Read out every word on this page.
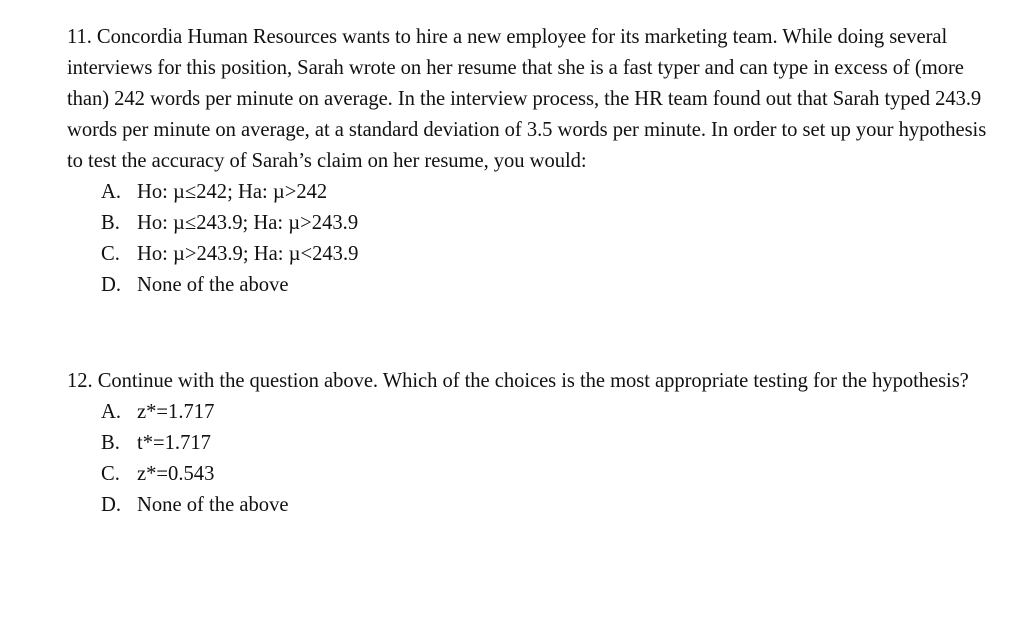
11. Concordia Human Resources wants to hire a new employee for its marketing team. While doing several interviews for this position, Sarah wrote on her resume that she is a fast typer and can type in excess of (more than) 242 words per minute on average. In the interview process, the HR team found out that Sarah typed 243.9 words per minute on average, at a standard deviation of 3.5 words per minute. In order to set up your hypothesis to test the accuracy of Sarah’s claim on her resume, you would:

A. Ho: µ≤242; Ha: µ>242
B. Ho: µ≤243.9; Ha: µ>243.9
C. Ho: µ>243.9; Ha: µ<243.9
D. None of the above

12. Continue with the question above. Which of the choices is the most appropriate testing for the hypothesis?

A. z*=1.717
B. t*=1.717
C. z*=0.543
D. None of the above
